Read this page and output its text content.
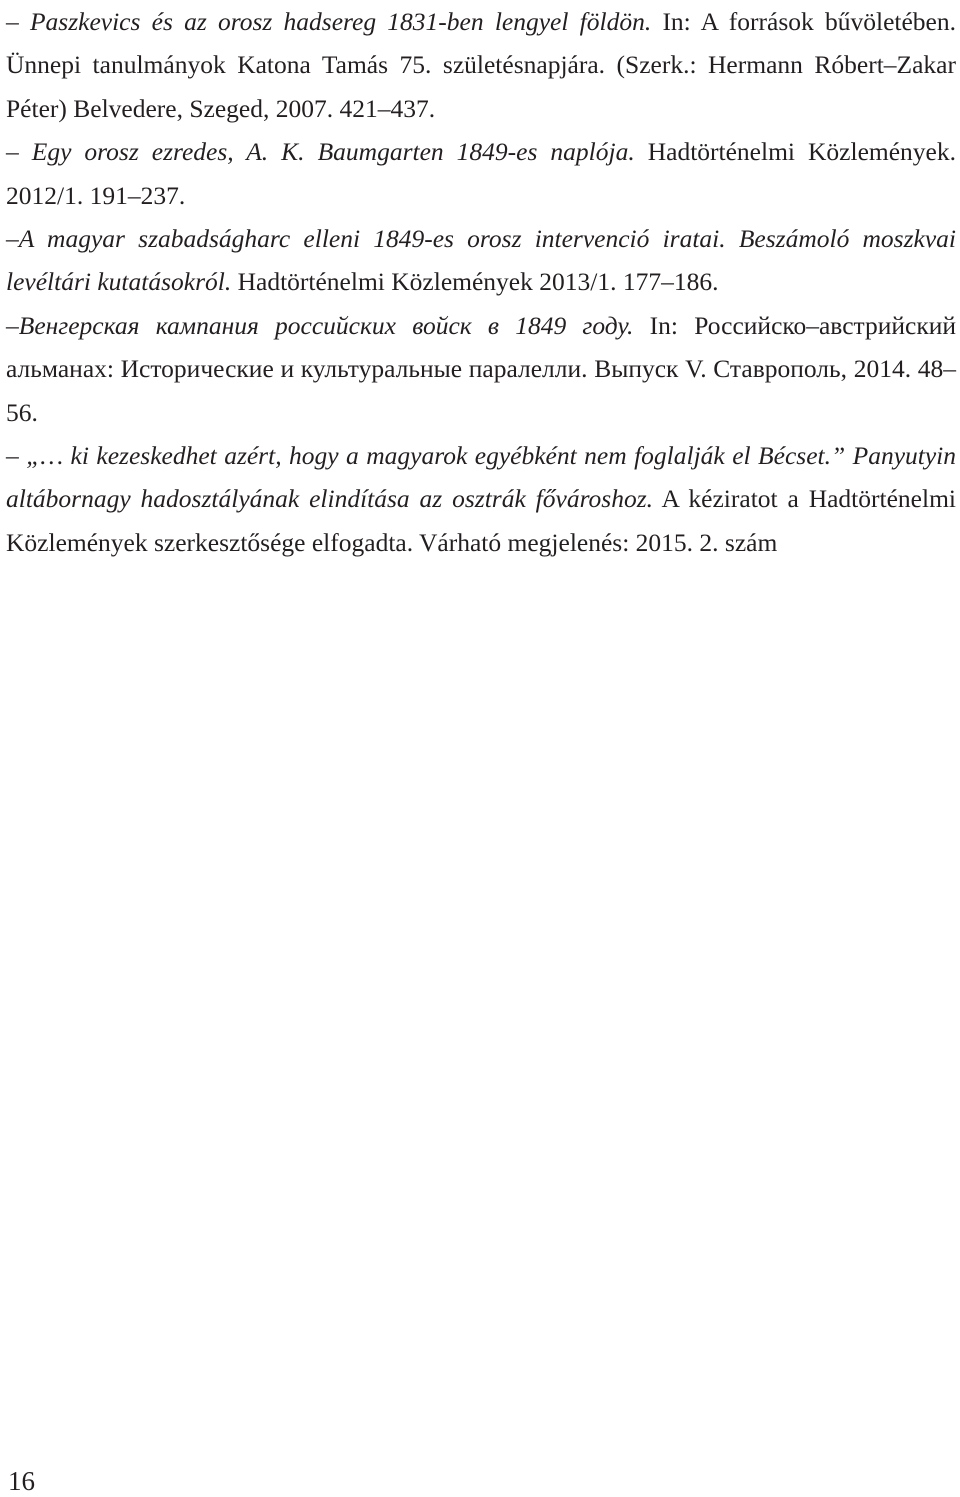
– Paszkevics és az orosz hadsereg 1831-ben lengyel földön. In: A források bűvöletében. Ünnepi tanulmányok Katona Tamás 75. születésnapjára. (Szerk.: Hermann Róbert–Zakar Péter) Belvedere, Szeged, 2007. 421–437.

– Egy orosz ezredes, A. K. Baumgarten 1849-es naplója. Hadtörténelmi Közlemények. 2012/1. 191–237.

–A magyar szabadságharc elleni 1849-es orosz intervenció iratai. Beszámoló moszkvai levéltári kutatásokról. Hadtörténelmi Közlemények 2013/1. 177–186.

–Венгерская кампания российских войск в 1849 году. In: Российско–австрийский альманах: Исторические и культуральные паралелли. Выпуск V. Ставрополь, 2014. 48–56.

– „… ki kezeskedhet azért, hogy a magyarok egyébként nem foglalják el Bécset.” Panyutyin altábornagy hadosztályának elindítása az osztrák fővároshoz. A kéziratot a Hadtörténelmi Közlemények szerkesztősége elfogadta. Várható megjelenés: 2015. 2. szám

16
